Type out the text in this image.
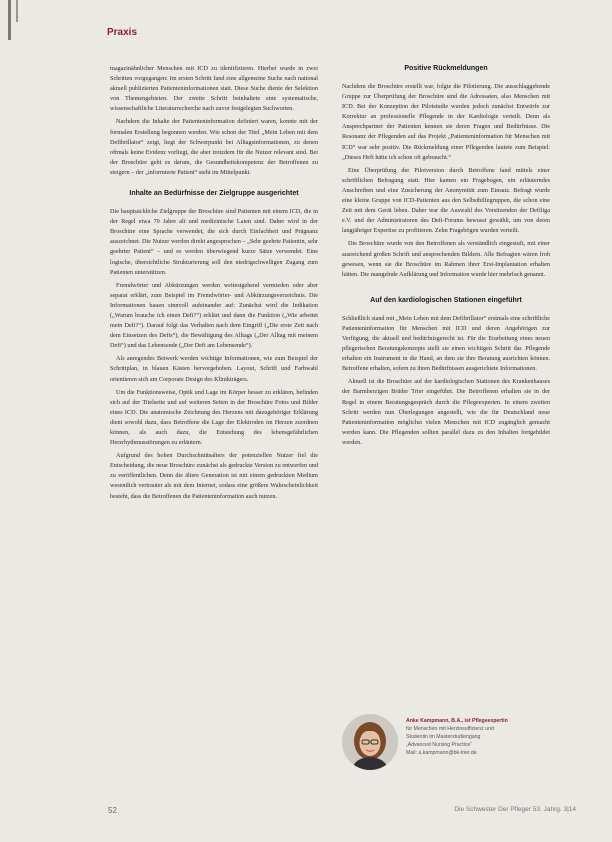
Praxis

magazinähnlicher Menschen mit ICD zu identifizieren. Hierbei wurde in zwei Schritten vorgegangen: Im ersten Schritt fand eine allgemeine Suche nach national aktuell publizierten Patienteninformationen statt. Diese Suche diente der Selektion von Themengebieten. Der zweite Schritt beinhaltete eine systematische, wissenschaftliche Literaturrecherche nach zuvor festgelegten Suchworten.

Nachdem die Inhalte der Patienteninformation definiert waren, konnte mit der formalen Erstellung begonnen werden. Wie schon der Titel „Mein Leben mit dem Defibrillator“ zeigt, liegt der Schwerpunkt bei Alltagsinformationen, zu denen oftmals keine Evidenz vorliegt, die aber trotzdem für die Nutzer relevant sind. Bei der Broschüre geht es darum, die Gesundheitskompetenz der Betroffenen zu steigern – der „informierte Patient“ steht im Mittelpunkt.

Inhalte an Bedürfnisse der Zielgruppe ausgerichtet

Die hauptsächliche Zielgruppe der Broschüre sind Patienten mit einem ICD, die in der Regel etwa 70 Jahre alt und medizinische Laien sind. Daher wird in der Broschüre eine Sprache verwendet, die sich durch Einfachheit und Prägnanz auszeichnet. Die Nutzer werden direkt angesprochen – „Sehr geehrte Patientin, sehr geehrter Patient“ – und es werden überwiegend kurze Sätze verwendet. Eine logische, übersichtliche Strukturierung soll den niedrigschwelligen Zugang zum Patienten unterstützen.

Fremdwörter und Abkürzungen werden weitestgehend vermieden oder aber separat erklärt, zum Beispiel im Fremdwörter- und Abkürzungsverzeichnis. Die Informationen bauen sinnvoll aufeinander auf: Zunächst wird die Indikation („Warum brauche ich einen Defi?“) erklärt und dann die Funktion („Wie arbeitet mein Defi?“). Darauf folgt das Verhalten nach dem Eingriff („Die erste Zeit nach dem Einsetzen des Defis“), die Bewältigung des Alltags („Der Alltag mit meinem Defi“) und das Lebensende („Der Defi am Lebensende“).

Als anregendes Beiwerk werden wichtige Informationen, wie zum Beispiel der Schrittplan, in blauen Kästen hervorgehoben. Layout, Schrift und Farbwahl orientieren sich am Corporate Design des Klinikträgers.

Um die Funktionsweise, Optik und Lage im Körper besser zu erklären, befinden sich auf der Titelseite und auf weiteren Seiten in der Broschüre Fotos und Bilder eines ICD. Die anatomische Zeichnung des Herzens mit dazugehöriger Erklärung dient sowohl dazu, dass Betroffene die Lage der Elektroden im Herzen zuordnen können, als auch dazu, die Entstehung des lebensgefährlichen Herzrhythmusstörungen zu erläutern.

Aufgrund des hohen Durchschnittsalters der potenziellen Nutzer fiel die Entscheidung, die neue Broschüre zunächst als gedruckte Version zu entwerfen und zu veröffentlichen. Denn die ältere Generation ist mit einem gedruckten Medium wesentlich vertrauter als mit dem Internet, sodass eine größere Wahrscheinlichkeit besteht, dass die Betroffenen die Patienteninformation auch nutzen.

Positive Rückmeldungen

Nachdem die Broschüre erstellt war, folgte die Pilotierung. Die ausschlaggebende Gruppe zur Überprüfung der Broschüre sind die Adressaten, also Menschen mit ICD. Bei der Konzeption der Pilotstudie wurden jedoch zunächst Entwürfe zur Korrektur an professionelle Pflegende in der Kardiologie verteilt. Denn als Ansprechpartner der Patienten kennen sie deren Fragen und Bedürfnisse. Die Resonanz der Pflegenden auf das Projekt „Patienteninformation für Menschen mit ICD“ war sehr positiv. Die Rückmeldung einer Pflegenden lautete zum Beispiel: „Dieses Heft hätte ich schon oft gebraucht.“

Eine Überprüfung der Pilotversion durch Betroffene fand mittels einer schriftlichen Befragung statt. Hier kamen ein Fragebogen, ein erläuterndes Anschreiben und eine Zusicherung der Anonymität zum Einsatz. Befragt wurde eine kleine Gruppe von ICD-Patienten aus den Selbsthilfegruppen, die schon eine Zeit mit dem Gerät leben. Daher war die Auswahl des Vorsitzenden der Defiliga e.V. und der Administratoren des Defi-Forums bewusst gewählt, um von deren langjähriger Expertise zu profitieren. Zehn Fragebögen wurden verteilt.

Die Broschüre wurde von den Betroffenen als verständlich eingestuft, mit einer ausreichend großen Schrift und ansprechenden Bildern. Alle Befragten wären froh gewesen, wenn sie die Broschüre im Rahmen ihrer Erst-Implantation erhalten hätten. Die mangelnde Aufklärung und Information wurde hier mehrfach genannt.

Auf den kardiologischen Stationen eingeführt

Schließlich stand mit „Mein Leben mit dem Defibrillator“ erstmals eine schriftliche Patienteninformation für Menschen mit ICD und deren Angehörigen zur Verfügung, die aktuell und bedürfnisgerecht ist. Für die Erarbeitung eines neuen pflegerischen Beratungskonzepts stellt sie einen wichtigen Schritt dar. Pflegende erhalten ein Instrument in die Hand, an dem sie ihre Beratung ausrichten können. Betroffene erhalten, sofern zu ihren Bedürfnissen ausgerichtete Informationen.

Aktuell ist die Broschüre auf der kardiologischen Stationen des Krankenhauses der Barmherzigen Brüder Trier eingeführt. Die Betroffenen erhalten sie in der Regel in einem Beratungsgespräch durch die Pflegeexperten. In einem zweiten Schritt werden nun Überlegungen angestellt, wie die für Deutschland neue Patienteninformation möglichst vielen Menschen mit ICD zugänglich gemacht werden kann. Die Pflegenden sollten parallel dazu zu den Inhalten fortgebildet werden.

Anke Kampmann, B.A., ist Pflegeexpertin
für Menschen mit Herzinsuffizienz und
Studentin im Masterstudiengang
„Advanced Nursing Practice“
Mail: a.kampmann@bk-trier.de
52	Die Schwester Der Pfleger 53. Jahrg. 3|14
